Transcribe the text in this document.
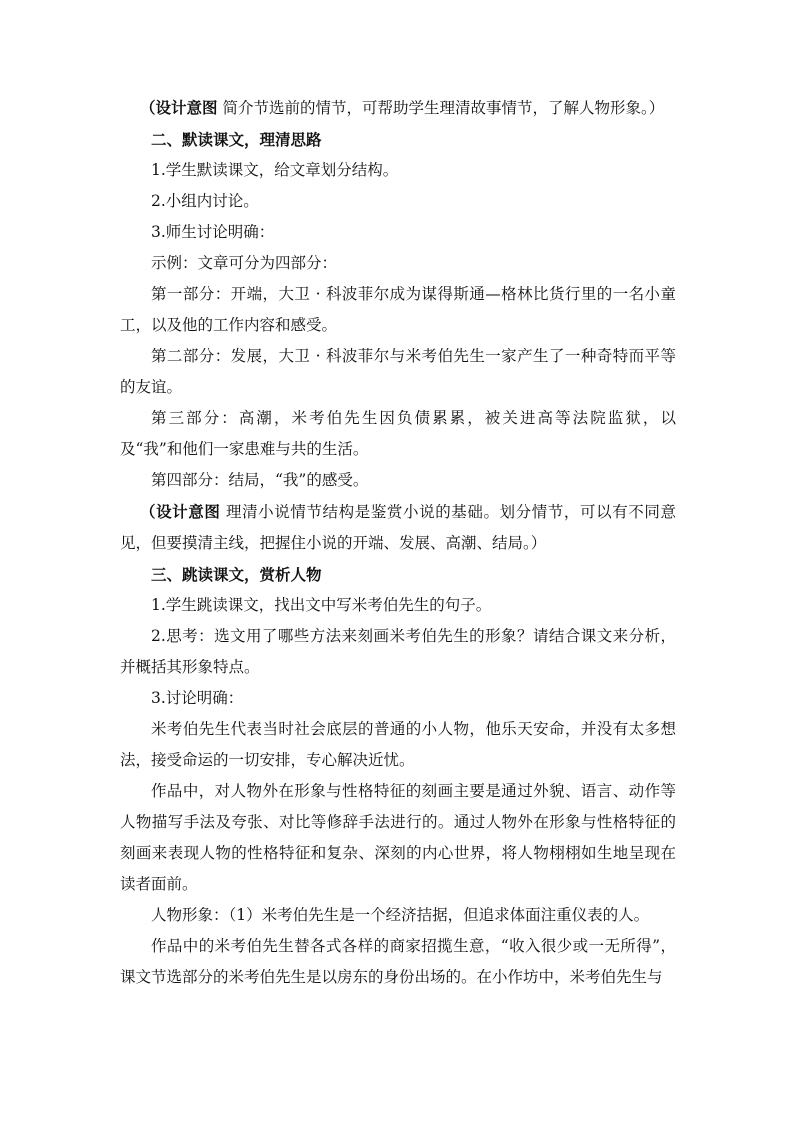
（设计意图 简介节选前的情节，可帮助学生理清故事情节，了解人物形象。）

二、默读课文，理清思路

1.学生默读课文，给文章划分结构。

2.小组内讨论。

3.师生讨论明确：

示例：文章可分为四部分：

第一部分：开端，大卫 · 科波菲尔成为谋得斯通—格林比货行里的一名小童工，以及他的工作内容和感受。

第二部分：发展，大卫 · 科波菲尔与米考伯先生一家产生了一种奇特而平等的友谊。

第三部分：高潮，米考伯先生因负债累累，被关进高等法院监狱，以及“我”和他们一家患难与共的生活。

第四部分：结局，“我”的感受。

（设计意图 理清小说情节结构是鉴赏小说的基础。划分情节，可以有不同意见，但要摸清主线，把握住小说的开端、发展、高潮、结局。）

三、跳读课文，赏析人物

1.学生跳读课文，找出文中写米考伯先生的句子。

2.思考：选文用了哪些方法来刻画米考伯先生的形象？请结合课文来分析，并概括其形象特点。

3.讨论明确：

米考伯先生代表当时社会底层的普通的小人物，他乐天安命，并没有太多想法，接受命运的一切安排，专心解决近忧。

作品中，对人物外在形象与性格特征的刻画主要是通过外貌、语言、动作等人物描写手法及夸张、对比等修辞手法进行的。通过人物外在形象与性格特征的刻画来表现人物的性格特征和复杂、深刻的内心世界，将人物栩栩如生地呈现在读者面前。

人物形象：（1）米考伯先生是一个经济拮据，但追求体面注重仪表的人。

作品中的米考伯先生替各式各样的商家招揽生意，“收入很少或一无所得”，课文节选部分的米考伯先生是以房东的身份出场的。在小作坊中，米考伯先生与
